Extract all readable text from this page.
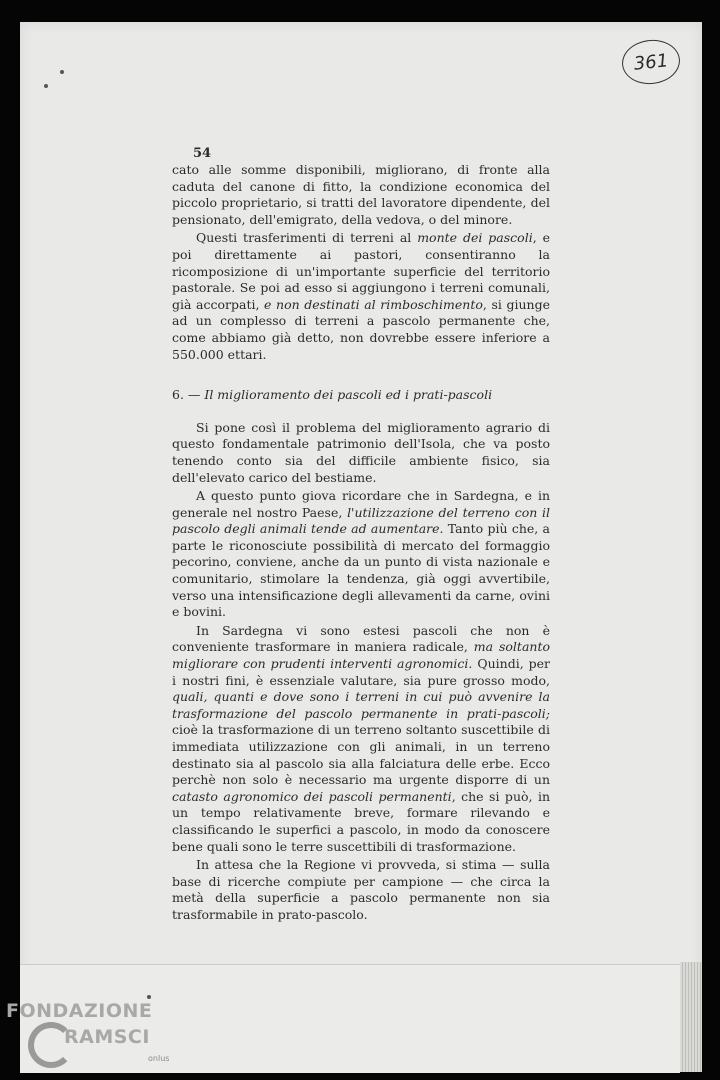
361
54

cato alle somme disponibili, migliorano, di fronte alla caduta del canone di fitto, la condizione economica del piccolo proprietario, si tratti del lavoratore dipendente, del pensionato, dell'emigrato, della vedova, o del minore.

Questi trasferimenti di terreni al monte dei pascoli, e poi direttamente ai pastori, consentiranno la ricomposizione di un'importante superficie del territorio pastorale. Se poi ad esso si aggiungono i terreni comunali, già accorpati, e non destinati al rimboschimento, si giunge ad un complesso di terreni a pascolo permanente che, come abbiamo già detto, non dovrebbe essere inferiore a 550.000 ettari.

6. — Il miglioramento dei pascoli ed i prati-pascoli

Si pone così il problema del miglioramento agrario di questo fondamentale patrimonio dell'Isola, che va posto tenendo conto sia del difficile ambiente fisico, sia dell'elevato carico del bestiame.

A questo punto giova ricordare che in Sardegna, e in generale nel nostro Paese, l'utilizzazione del terreno con il pascolo degli animali tende ad aumentare. Tanto più che, a parte le riconosciute possibilità di mercato del formaggio pecorino, conviene, anche da un punto di vista nazionale e comunitario, stimolare la tendenza, già oggi avvertibile, verso una intensificazione degli allevamenti da carne, ovini e bovini.

In Sardegna vi sono estesi pascoli che non è conveniente trasformare in maniera radicale, ma soltanto migliorare con prudenti interventi agronomici. Quindi, per i nostri fini, è essenziale valutare, sia pure grosso modo, quali, quanti e dove sono i terreni in cui può avvenire la trasformazione del pascolo permanente in prati-pascoli; cioè la trasformazione di un terreno soltanto suscettibile di immediata utilizzazione con gli animali, in un terreno destinato sia al pascolo sia alla falciatura delle erbe. Ecco perchè non solo è necessario ma urgente disporre di un catasto agronomico dei pascoli permanenti, che si può, in un tempo relativamente breve, formare rilevando e classificando le superfici a pascolo, in modo da conoscere bene quali sono le terre suscettibili di trasformazione.

In attesa che la Regione vi provveda, si stima — sulla base di ricerche compiute per campione — che circa la metà della superficie a pascolo permanente non sia trasformabile in prato-pascolo.

FONDAZIONE
RAMSCI
onlus
